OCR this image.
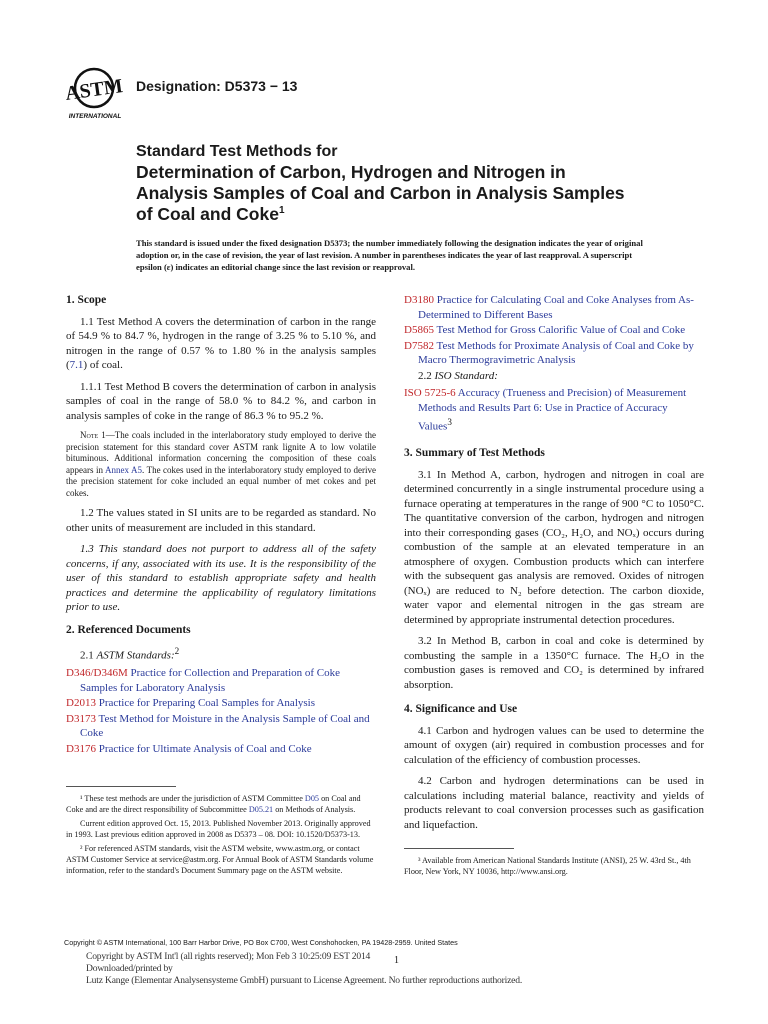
ASTM
INTERNATIONAL
Designation: D5373 − 13
Standard Test Methods for
Determination of Carbon, Hydrogen and Nitrogen in
Analysis Samples of Coal and Carbon in Analysis Samples
of Coal and Coke$^1$
This standard is issued under the fixed designation D5373; the number immediately following the designation indicates the year of original adoption or, in the case of revision, the year of last revision. A number in parentheses indicates the year of last reapproval. A superscript epsilon (ε) indicates an editorial change since the last revision or reapproval.
1. Scope

1.1 Test Method A covers the determination of carbon in the range of 54.9 % to 84.7 %, hydrogen in the range of 3.25 % to 5.10 %, and nitrogen in the range of 0.57 % to 1.80 % in the analysis samples (7.1) of coal.

1.1.1 Test Method B covers the determination of carbon in analysis samples of coal in the range of 58.0 % to 84.2 %, and carbon in analysis samples of coke in the range of 86.3 % to 95.2 %.

Note 1—The coals included in the interlaboratory study employed to derive the precision statement for this standard cover ASTM rank lignite A to low volatile bituminous. Additional information concerning the composition of these coals appears in Annex A5. The cokes used in the interlaboratory study employed to derive the precision statement for coke included an equal number of met cokes and pet cokes.

1.2 The values stated in SI units are to be regarded as standard. No other units of measurement are included in this standard.

1.3 This standard does not purport to address all of the safety concerns, if any, associated with its use. It is the responsibility of the user of this standard to establish appropriate safety and health practices and determine the applicability of regulatory limitations prior to use.

2. Referenced Documents
2.1 ASTM Standards:$^2$
D346/D346M Practice for Collection and Preparation of Coke Samples for Laboratory Analysis
D2013 Practice for Preparing Coal Samples for Analysis
D3173 Test Method for Moisture in the Analysis Sample of Coal and Coke
D3176 Practice for Ultimate Analysis of Coal and Coke

¹ These test methods are under the jurisdiction of ASTM Committee D05 on Coal and Coke and are the direct responsibility of Subcommittee D05.21 on Methods of Analysis.

Current edition approved Oct. 15, 2013. Published November 2013. Originally approved in 1993. Last previous edition approved in 2008 as D5373 – 08. DOI: 10.1520/D5373-13.

² For referenced ASTM standards, visit the ASTM website, www.astm.org, or contact ASTM Customer Service at service@astm.org. For Annual Book of ASTM Standards volume information, refer to the standard's Document Summary page on the ASTM website.

D3180 Practice for Calculating Coal and Coke Analyses from As-Determined to Different Bases
D5865 Test Method for Gross Calorific Value of Coal and Coke
D7582 Test Methods for Proximate Analysis of Coal and Coke by Macro Thermogravimetric Analysis
2.2 ISO Standard:
ISO 5725-6 Accuracy (Trueness and Precision) of Measurement Methods and Results Part 6: Use in Practice of Accuracy Values$^3$
3. Summary of Test Methods

3.1 In Method A, carbon, hydrogen and nitrogen in coal are determined concurrently in a single instrumental procedure using a furnace operating at temperatures in the range of 900 °C to 1050°C. The quantitative conversion of the carbon, hydrogen and nitrogen into their corresponding gases (CO₂, H₂O, and NOₓ) occurs during combustion of the sample at an elevated temperature in an atmosphere of oxygen. Combustion products which can interfere with the subsequent gas analysis are removed. Oxides of nitrogen (NOₓ) are reduced to N₂ before detection. The carbon dioxide, water vapor and elemental nitrogen in the gas stream are determined by appropriate instrumental detection procedures.

3.2 In Method B, carbon in coal and coke is determined by combusting the sample in a 1350°C furnace. The H₂O in the combustion gases is removed and CO₂ is determined by infrared absorption.

4. Significance and Use

4.1 Carbon and hydrogen values can be used to determine the amount of oxygen (air) required in combustion processes and for calculation of the efficiency of combustion processes.

4.2 Carbon and hydrogen determinations can be used in calculations including material balance, reactivity and yields of products relevant to coal conversion processes such as gasification and liquefaction.

³ Available from American National Standards Institute (ANSI), 25 W. 43rd St., 4th Floor, New York, NY 10036, http://www.ansi.org.

Copyright © ASTM International, 100 Barr Harbor Drive, PO Box C700, West Conshohocken, PA 19428-2959. United States
Copyright by ASTM Int'l (all rights reserved); Mon Feb 3 10:25:09 EST 2014
Downloaded/printed by
Lutz Kange (Elementar Analysensysteme GmbH) pursuant to License Agreement. No further reproductions authorized.
1
